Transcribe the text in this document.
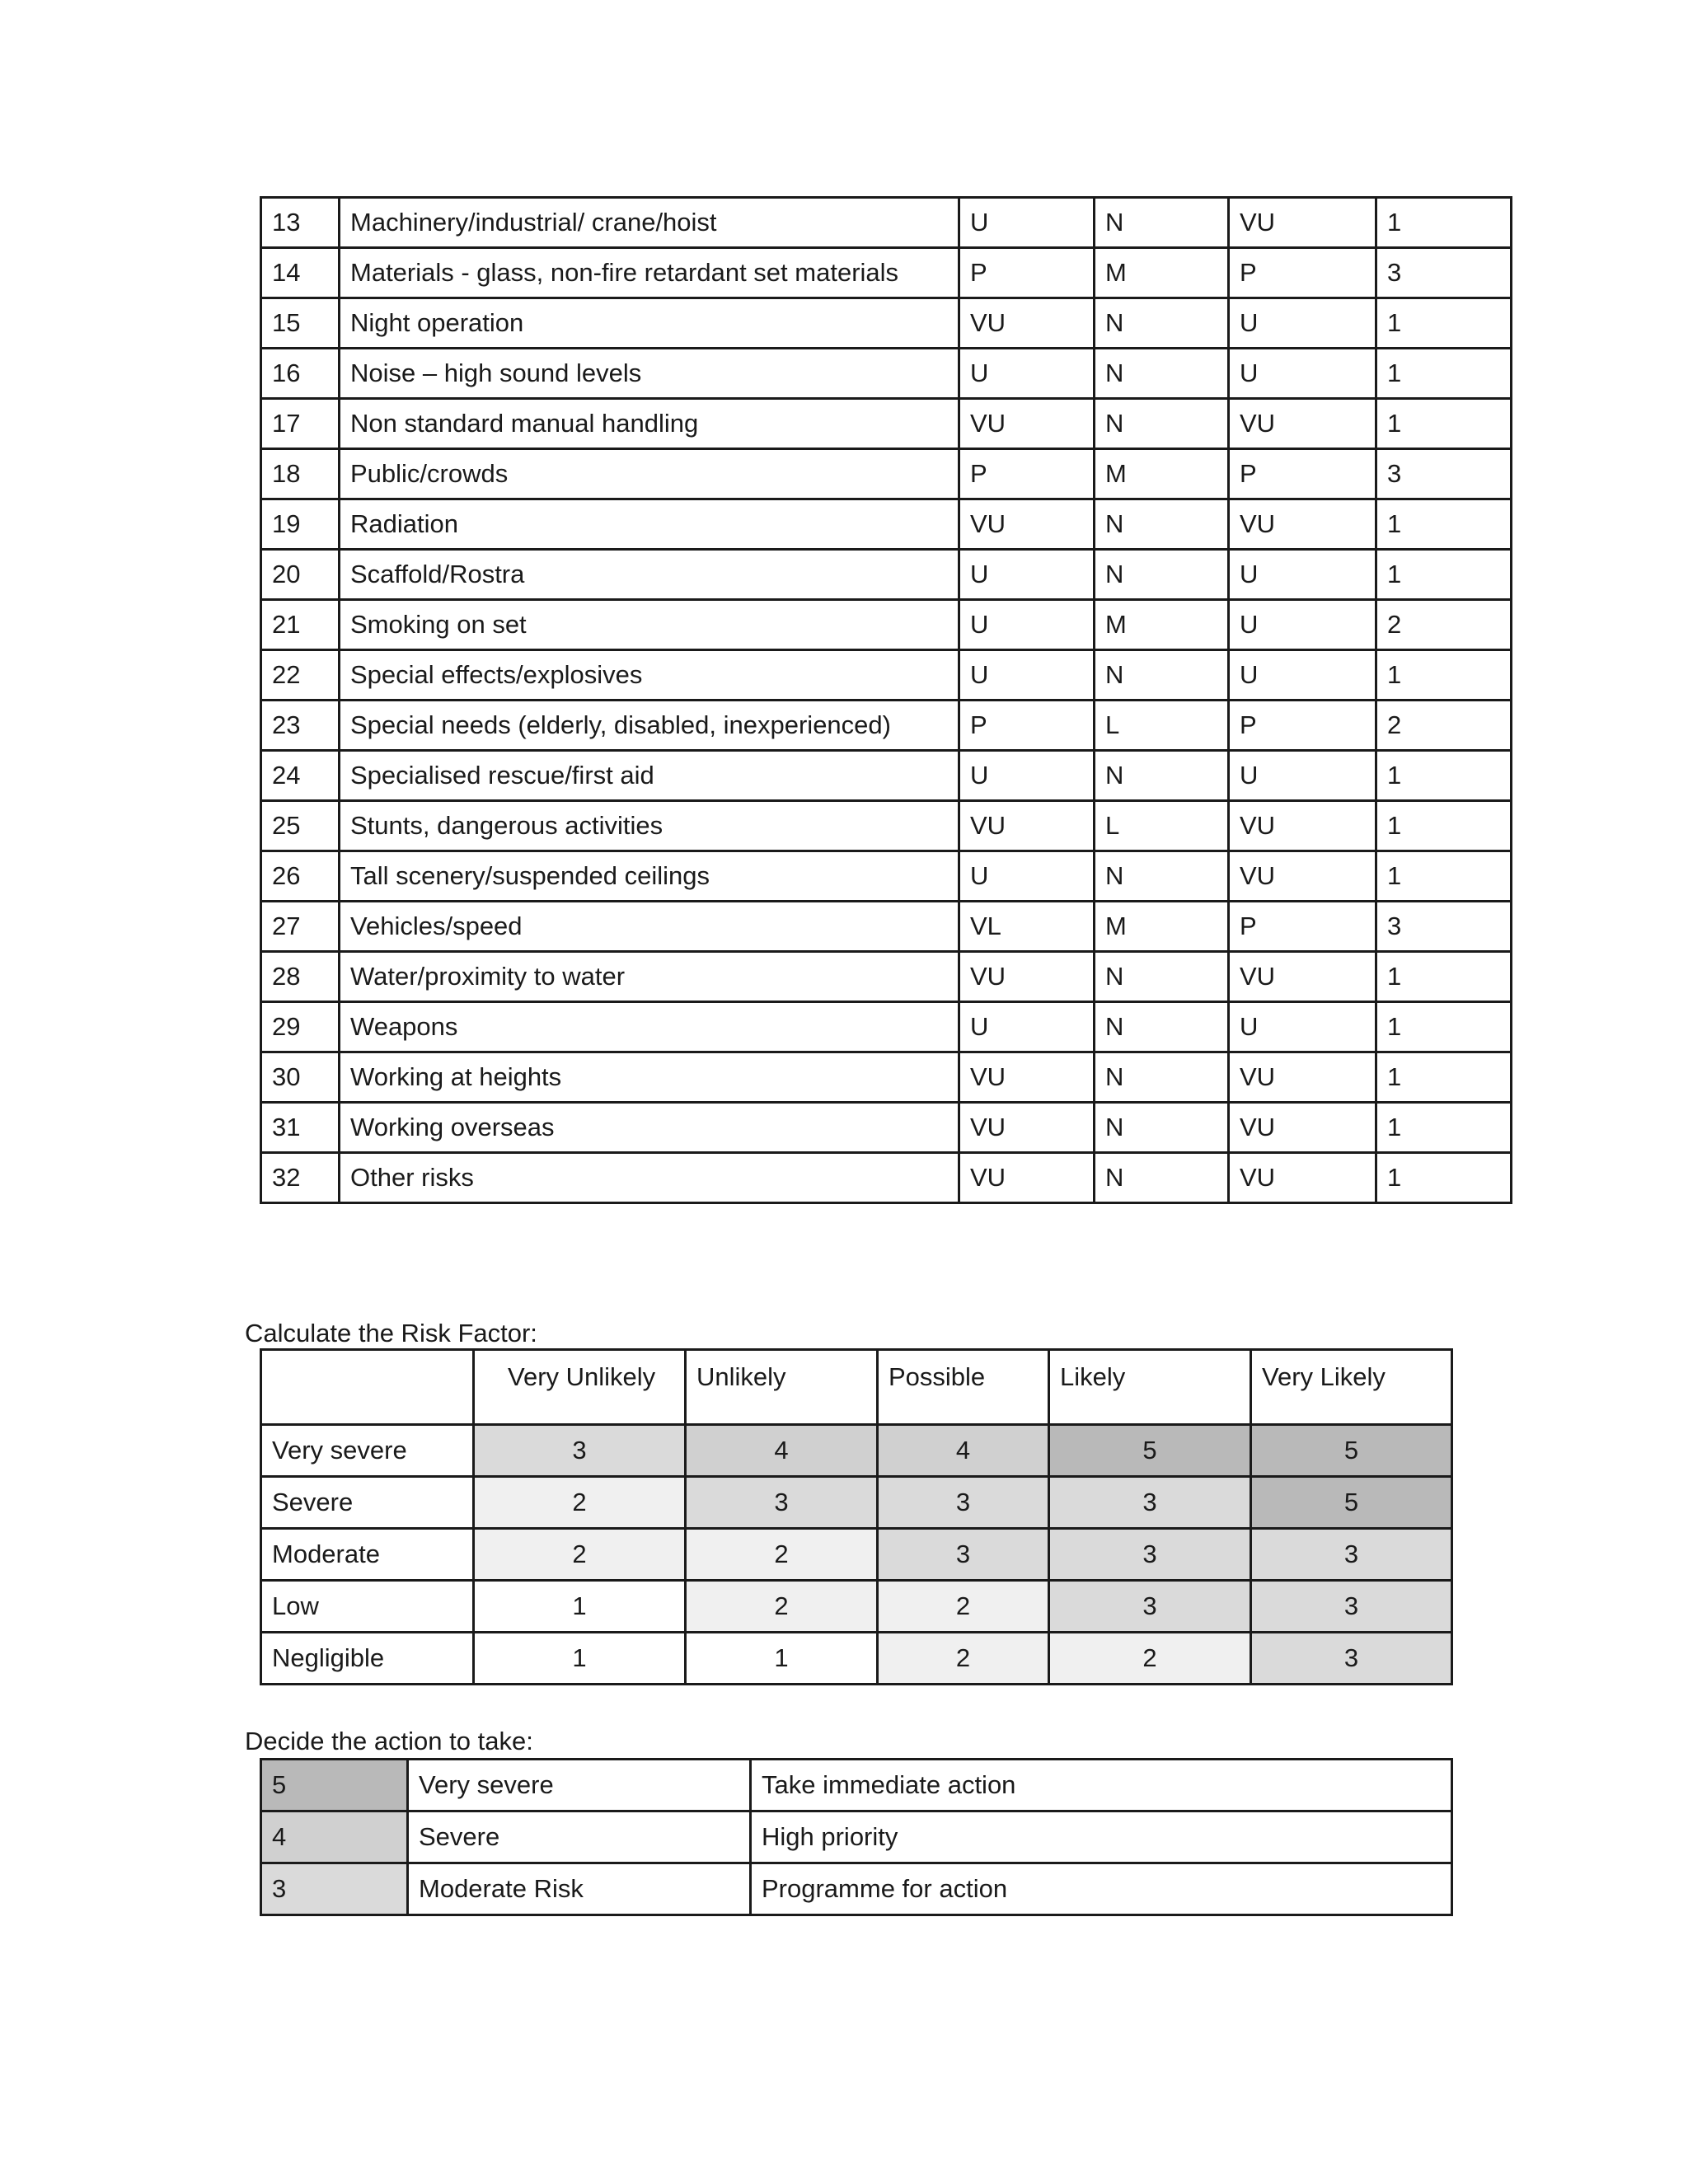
13	Machinery/industrial/ crane/hoist	U	N	VU	1
14	Materials - glass, non-fire retardant set materials	P	M	P	3
15	Night operation	VU	N	U	1
16	Noise – high sound levels	U	N	U	1
17	Non standard manual handling	VU	N	VU	1
18	Public/crowds	P	M	P	3
19	Radiation	VU	N	VU	1
20	Scaffold/Rostra	U	N	U	1
21	Smoking on set	U	M	U	2
22	Special effects/explosives	U	N	U	1
23	Special needs (elderly, disabled, inexperienced)	P	L	P	2
24	Specialised rescue/first aid	U	N	U	1
25	Stunts, dangerous activities	VU	L	VU	1
26	Tall scenery/suspended ceilings	U	N	VU	1
27	Vehicles/speed	VL	M	P	3
28	Water/proximity to water	VU	N	VU	1
29	Weapons	U	N	U	1
30	Working at heights	VU	N	VU	1
31	Working overseas	VU	N	VU	1
32	Other risks	VU	N	VU	1
Calculate the Risk Factor:
	Very Unlikely	Unlikely	Possible	Likely	Very Likely
Very severe	3	4	4	5	5
Severe	2	3	3	3	5
Moderate	2	2	3	3	3
Low	1	2	2	3	3
Negligible	1	1	2	2	3
Decide the action to take:
5	Very severe	Take immediate action
4	Severe	High priority
3	Moderate Risk	Programme for action
